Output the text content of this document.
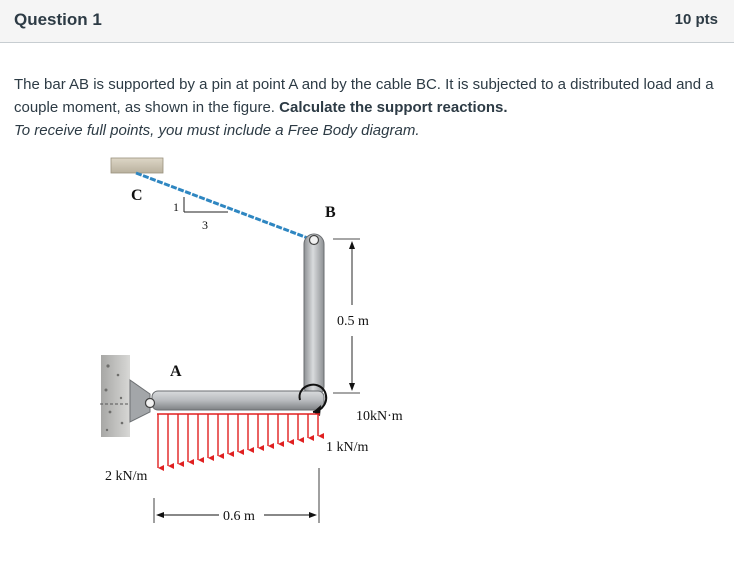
Question 1	10 pts

The bar AB is supported by a pin at point A and by the cable BC. It is subjected to a distributed load and a couple moment, as shown in the figure. Calculate the support reactions.

To receive full points, you must include a Free Body diagram.

C
1
3
A
B
0.5 m
10kN·m
1 kN/m
2 kN/m
0.6 m
